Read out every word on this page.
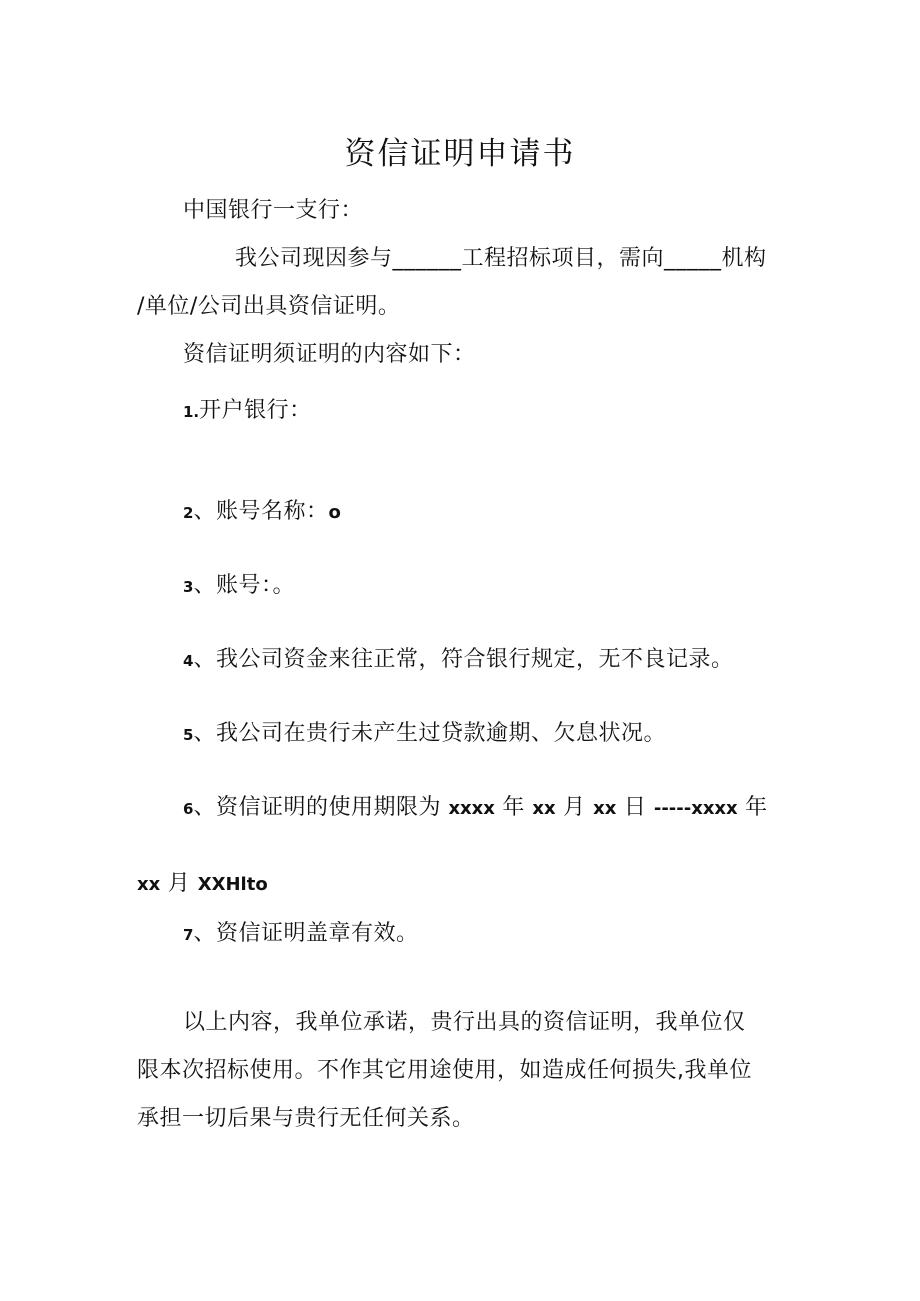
资信证明申请书
中国银行一支行：
我公司现因参与______工程招标项目，需向_____机构
/单位/公司出具资信证明。
资信证明须证明的内容如下：
1.开户银行：
2、账号名称：o
3、账号：。
4、我公司资金来往正常，符合银行规定，无不良记录。
5、我公司在贵行未产生过贷款逾期、欠息状况。
6、资信证明的使用期限为 xxxx 年 xx 月 xx 日 -----xxxx 年
xx 月 XXHlto
7、资信证明盖章有效。
以上内容，我单位承诺，贵行出具的资信证明，我单位仅
限本次招标使用。不作其它用途使用，如造成任何损失,我单位
承担一切后果与贵行无任何关系。
